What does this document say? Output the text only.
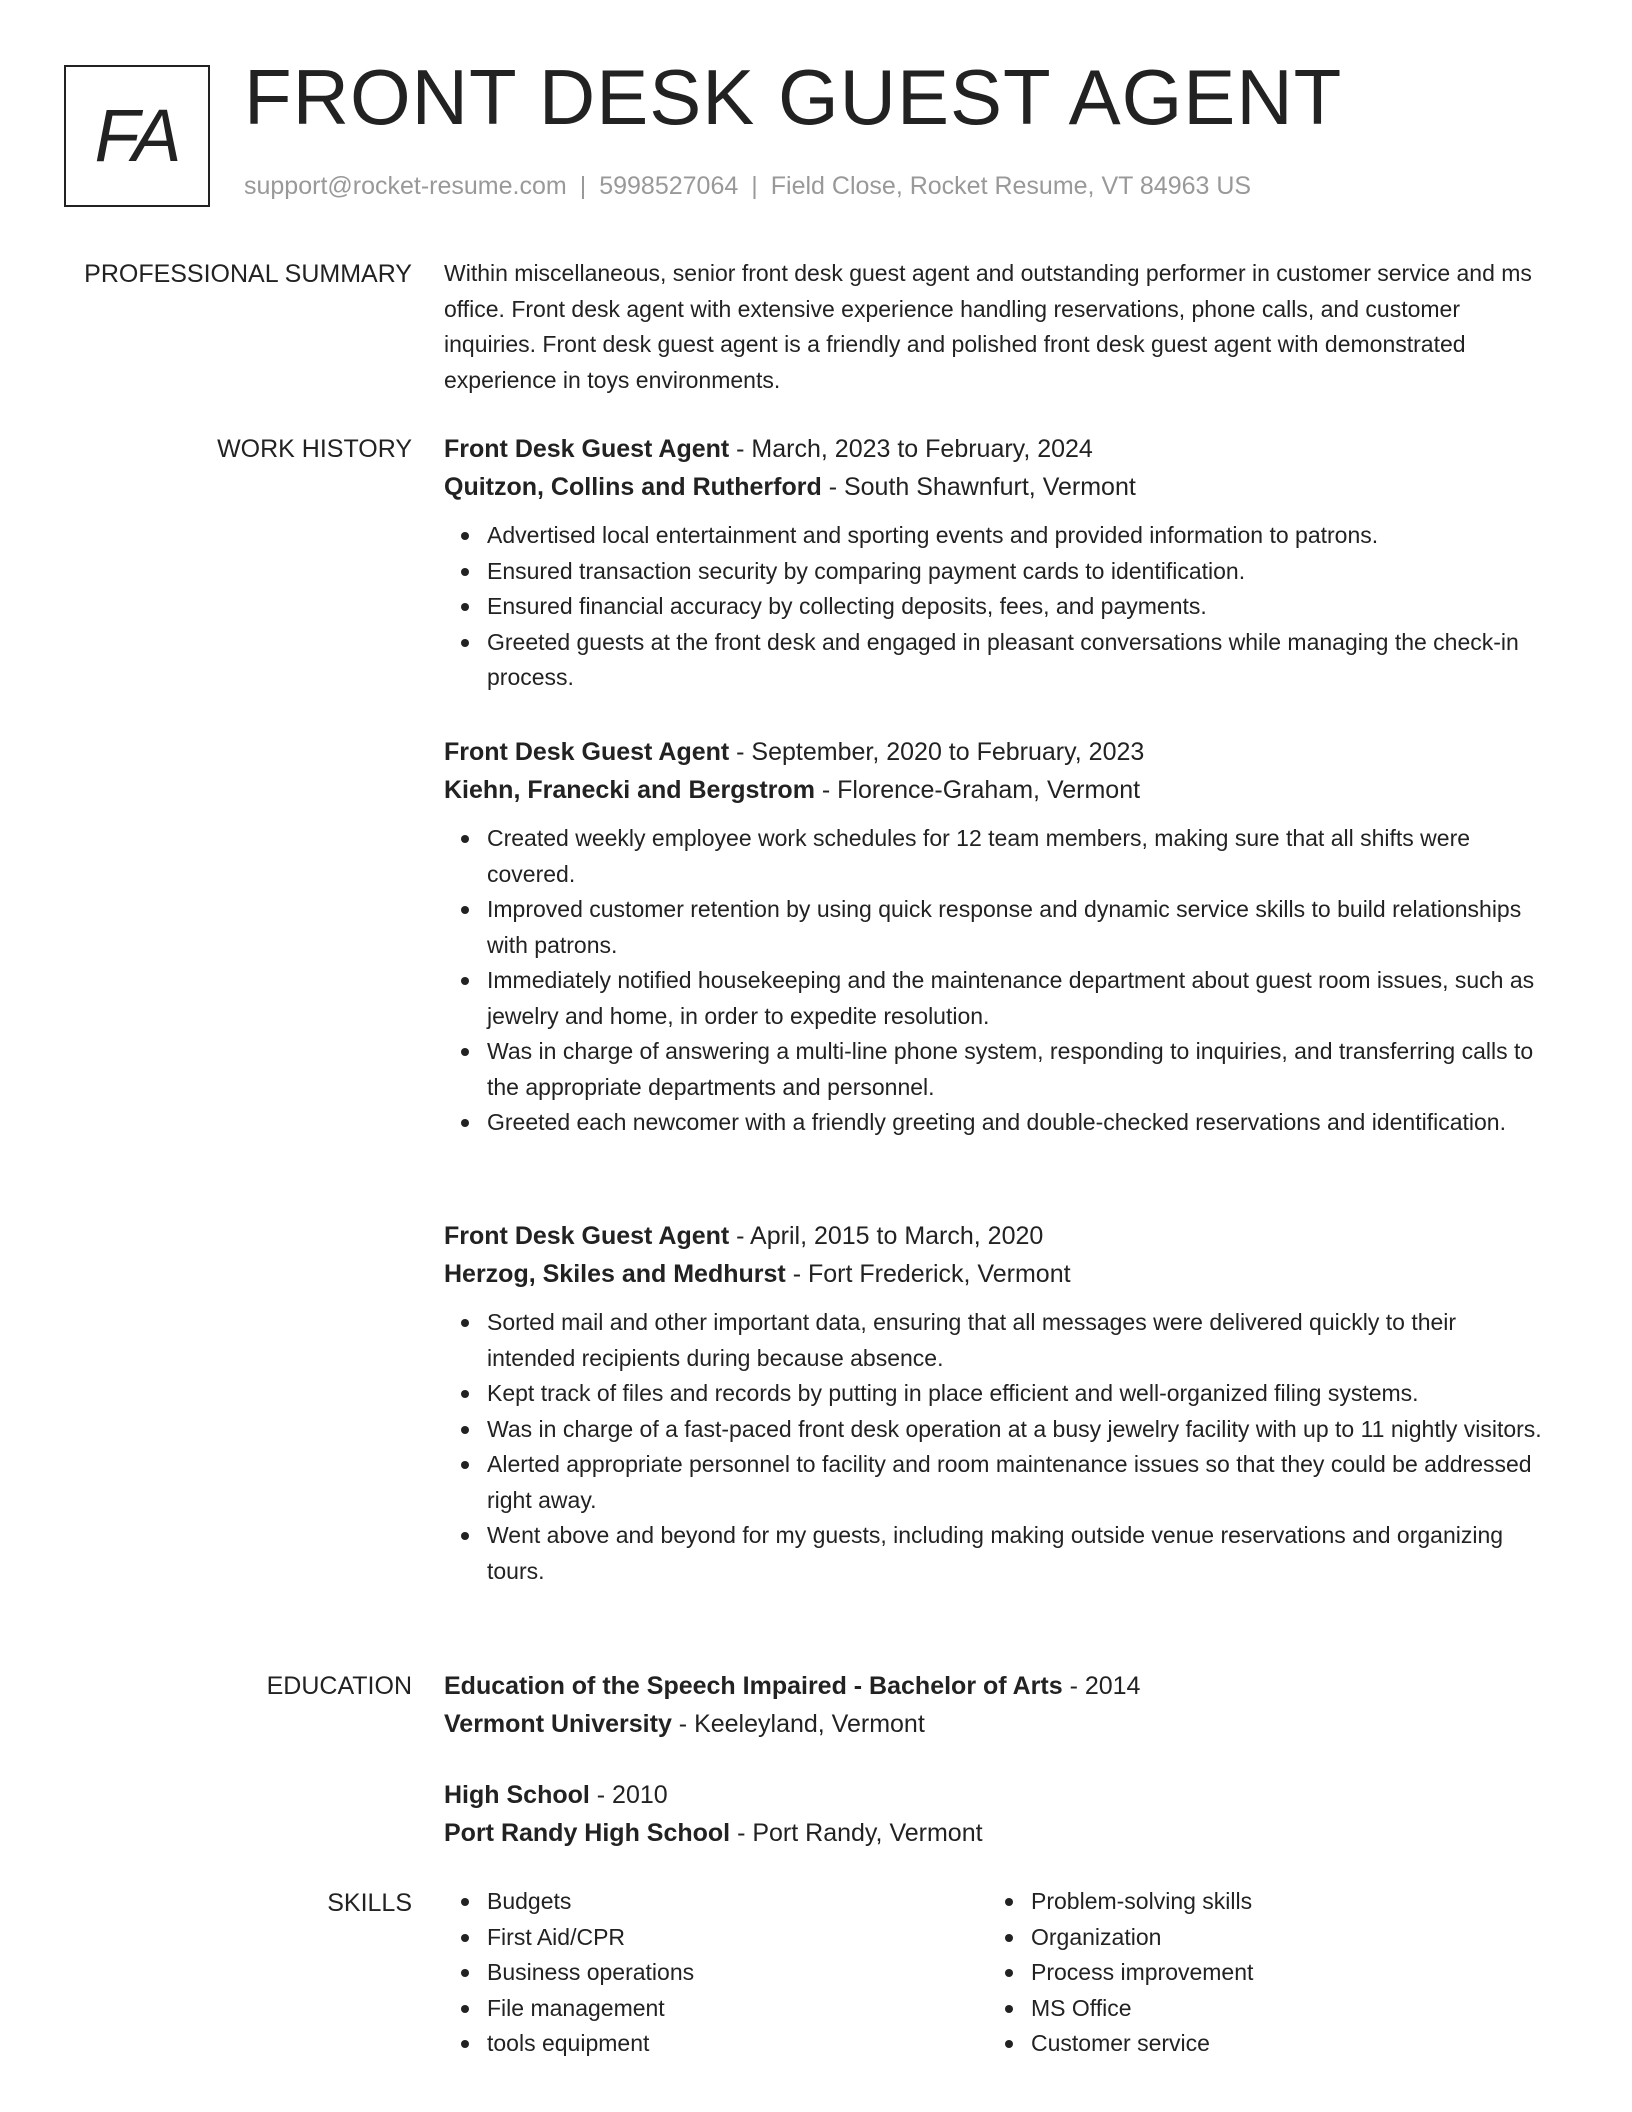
FA FRONT DESK GUEST AGENT
support@rocket-resume.com | 5998527064 | Field Close, Rocket Resume, VT 84963 US
PROFESSIONAL SUMMARY Within miscellaneous, senior front desk guest agent and outstanding performer in customer service and ms office. Front desk agent with extensive experience handling reservations, phone calls, and customer inquiries. Front desk guest agent is a friendly and polished front desk guest agent with demonstrated experience in toys environments.

WORK HISTORY Front Desk Guest Agent - March, 2023 to February, 2024
Quitzon, Collins and Rutherford - South Shawnfurt, Vermont
Advertised local entertainment and sporting events and provided information to patrons.
Ensured transaction security by comparing payment cards to identification.
Ensured financial accuracy by collecting deposits, fees, and payments.
Greeted guests at the front desk and engaged in pleasant conversations while managing the check-in process.
Front Desk Guest Agent - September, 2020 to February, 2023
Kiehn, Franecki and Bergstrom - Florence-Graham, Vermont
Created weekly employee work schedules for 12 team members, making sure that all shifts were covered.
Improved customer retention by using quick response and dynamic service skills to build relationships with patrons.
Immediately notified housekeeping and the maintenance department about guest room issues, such as jewelry and home, in order to expedite resolution.
Was in charge of answering a multi-line phone system, responding to inquiries, and transferring calls to the appropriate departments and personnel.
Greeted each newcomer with a friendly greeting and double-checked reservations and identification.
Front Desk Guest Agent - April, 2015 to March, 2020
Herzog, Skiles and Medhurst - Fort Frederick, Vermont
Sorted mail and other important data, ensuring that all messages were delivered quickly to their intended recipients during because absence.
Kept track of files and records by putting in place efficient and well-organized filing systems.
Was in charge of a fast-paced front desk operation at a busy jewelry facility with up to 11 nightly visitors.
Alerted appropriate personnel to facility and room maintenance issues so that they could be addressed right away.
Went above and beyond for my guests, including making outside venue reservations and organizing tours.
EDUCATION Education of the Speech Impaired - Bachelor of Arts - 2014
Vermont University - Keeleyland, Vermont
High School - 2010
Port Randy High School - Port Randy, Vermont
SKILLS	Budgets
First Aid/CPR
Business operations
File management
tools equipment
Problem-solving skills
Organization
Process improvement
MS Office
Customer service
